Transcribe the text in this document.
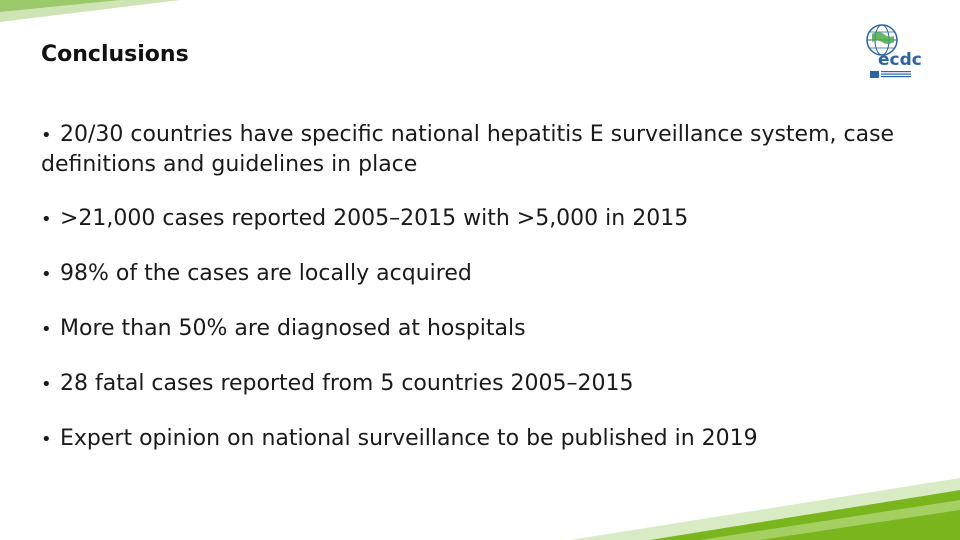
Conclusions	ecdc
• 20/30 countries have specific national hepatitis E surveillance system, case definitions and guidelines in place
• >21,000 cases reported 2005–2015 with >5,000 in 2015
• 98% of the cases are locally acquired
• More than 50% are diagnosed at hospitals
• 28 fatal cases reported from 5 countries 2005–2015
• Expert opinion on national surveillance to be published in 2019
